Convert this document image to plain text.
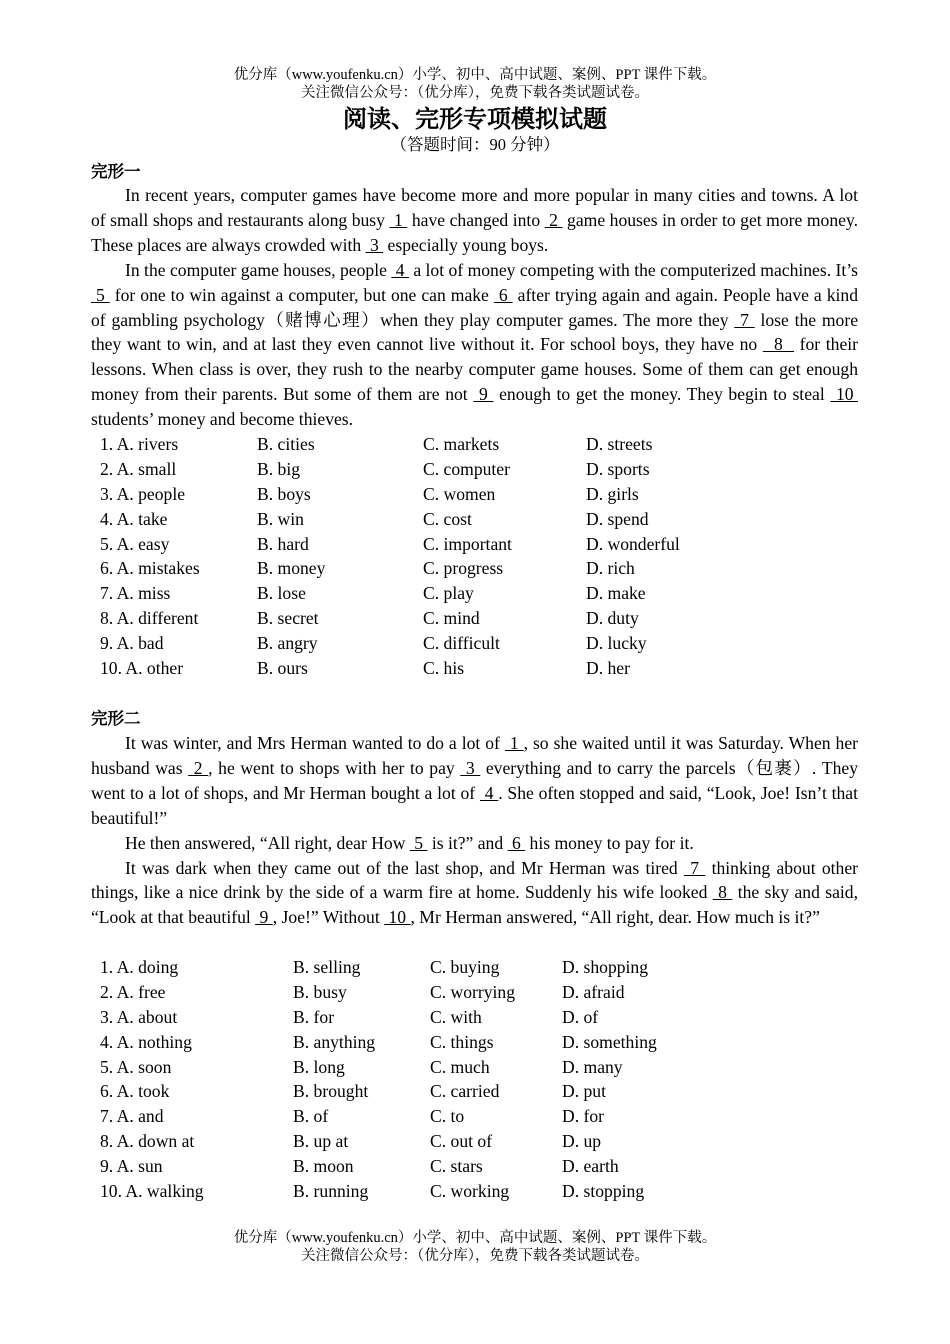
优分库（www.youfenku.cn）小学、初中、高中试题、案例、PPT 课件下载。
关注微信公众号：（优分库），免费下载各类试题试卷。
阅读、完形专项模拟试题
（答题时间：90 分钟）
完形一

In recent years, computer games have become more and more popular in many cities and towns. A lot of small shops and restaurants along busy  1  have changed into  2  game houses in order to get more money. These places are always crowded with  3  especially young boys.

In the computer game houses, people  4  a lot of money competing with the computerized machines. It’s  5  for one to win against a computer, but one can make  6  after trying again and again. People have a kind of gambling psychology（赌博心理）when they play computer games. The more they  7  lose the more they want to win, and at last they even cannot live without it. For school boys, they have no   8   for their lessons. When class is over, they rush to the nearby computer game houses. Some of them can get enough money from their parents. But some of them are not  9  enough to get the money. They begin to steal  10  students’ money and become thieves.

1. A. rivers	B. cities	C. markets	D. streets
2. A. small	B. big	C. computer	D. sports
3. A. people	B. boys	C. women	D. girls
4. A. take	B. win	C. cost	D. spend
5. A. easy	B. hard	C. important	D. wonderful
6. A. mistakes	B. money	C. progress	D. rich
7. A. miss	B. lose	C. play	D. make
8. A. different	B. secret	C. mind	D. duty
9. A. bad	B. angry	C. difficult	D. lucky
10. A. other	B. ours	C. his	D. her
完形二

It was winter, and Mrs Herman wanted to do a lot of  1 , so she waited until it was Saturday. When her husband was  2 , he went to shops with her to pay  3  everything and to carry the parcels（包裹）. They went to a lot of shops, and Mr Herman bought a lot of  4 . She often stopped and said, “Look, Joe! Isn’t that beautiful!”

He then answered, “All right, dear How  5  is it?” and  6  his money to pay for it.

It was dark when they came out of the last shop, and Mr Herman was tired  7  thinking about other things, like a nice drink by the side of a warm fire at home. Suddenly his wife looked  8  the sky and said, “Look at that beautiful  9 , Joe!” Without  10 , Mr Herman answered, “All right, dear. How much is it?”

1. A. doing	B. selling	C. buying	D. shopping
2. A. free	B. busy	C. worrying	D. afraid
3. A. about	B. for	C. with	D. of
4. A. nothing	B. anything	C. things	D. something
5. A. soon	B. long	C. much	D. many
6. A. took	B. brought	C. carried	D. put
7. A. and	B. of	C. to	D. for
8. A. down at	B. up at	C. out of	D. up
9. A. sun	B. moon	C. stars	D. earth
10. A. walking	B. running	C. working	D. stopping
优分库（www.youfenku.cn）小学、初中、高中试题、案例、PPT 课件下载。
关注微信公众号：（优分库），免费下载各类试题试卷。
